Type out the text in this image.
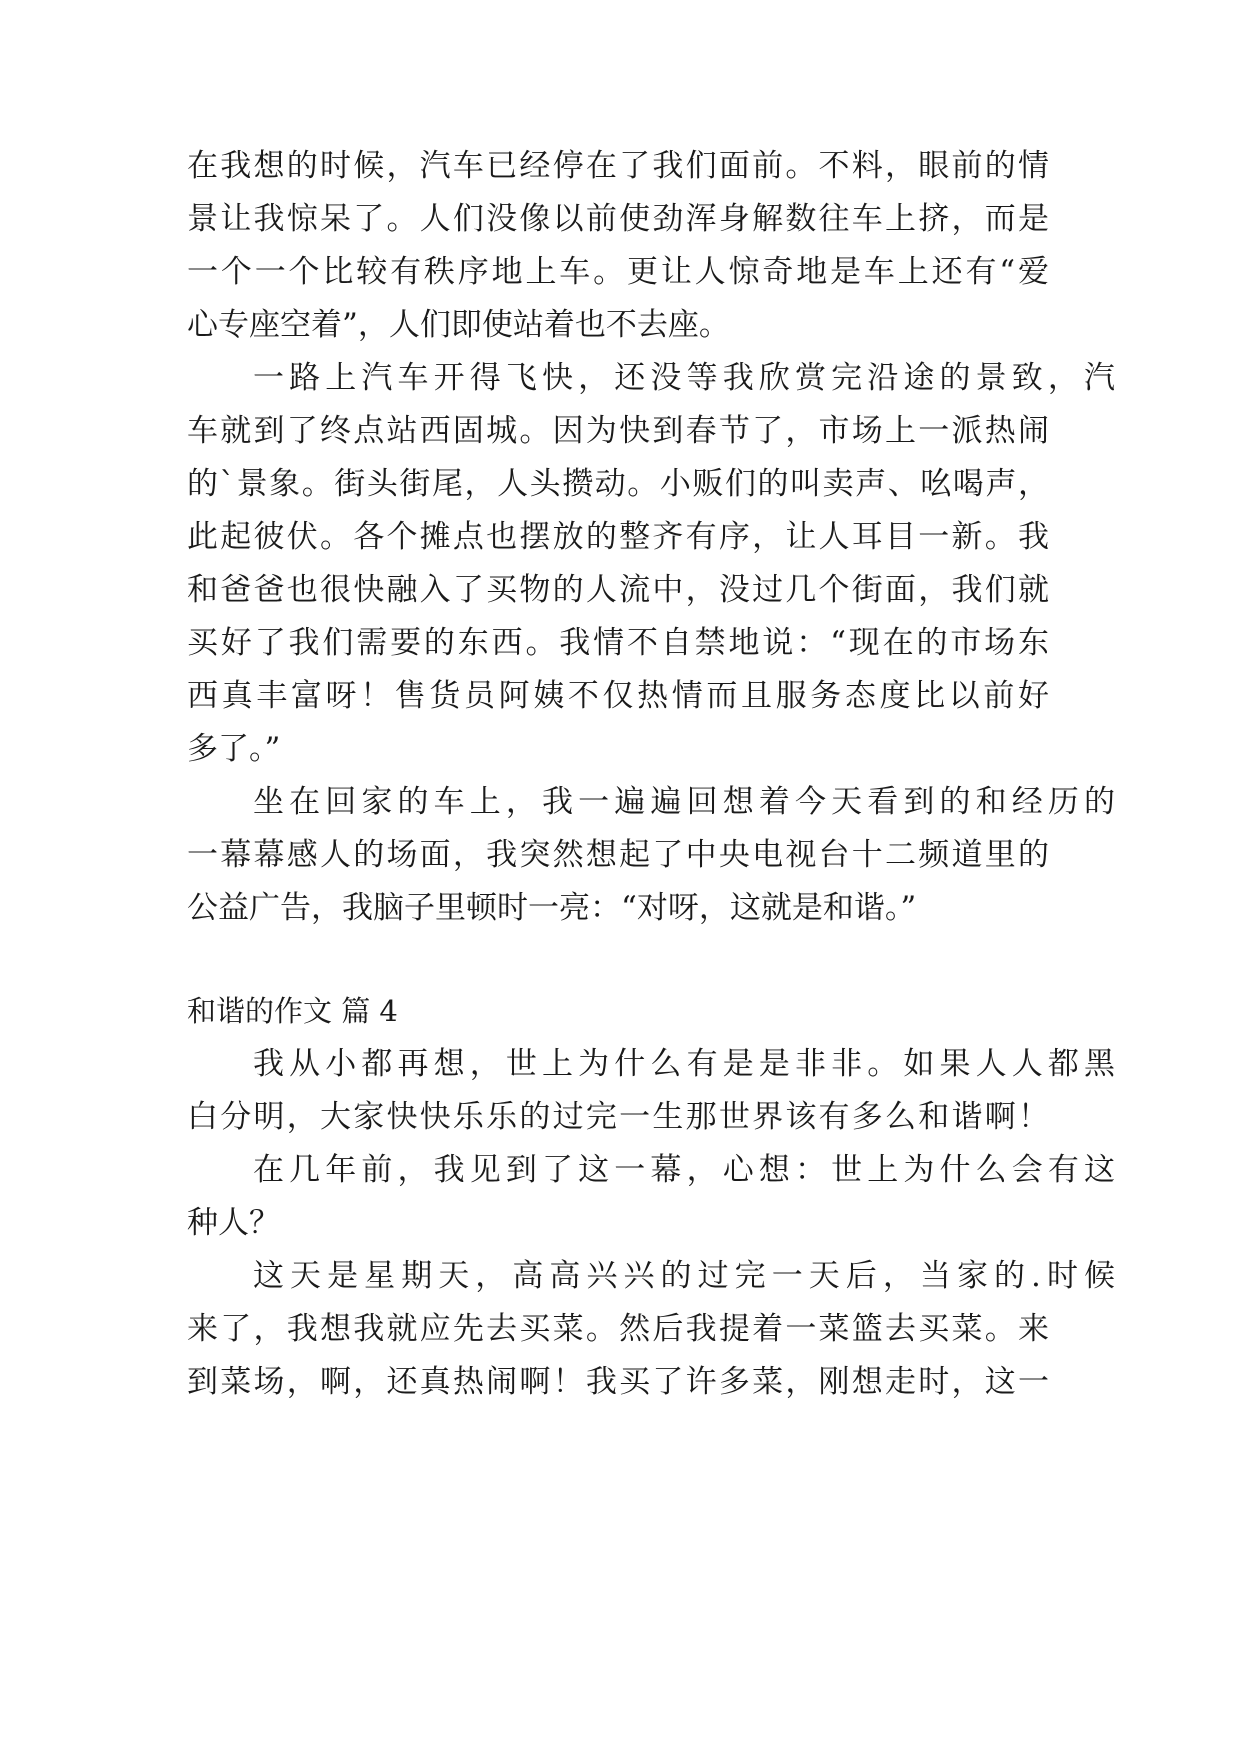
在我想的时候，汽车已经停在了我们面前。不料，眼前的情
景让我惊呆了。人们没像以前使劲浑身解数往车上挤，而是
一个一个比较有秩序地上车。更让人惊奇地是车上还有“爱
心专座空着”，人们即使站着也不去座。
一路上汽车开得飞快，还没等我欣赏完沿途的景致，汽
车就到了终点站西固城。因为快到春节了，市场上一派热闹
的`景象。街头街尾，人头攒动。小贩们的叫卖声、吆喝声，
此起彼伏。各个摊点也摆放的整齐有序，让人耳目一新。我
和爸爸也很快融入了买物的人流中，没过几个街面，我们就
买好了我们需要的东西。我情不自禁地说：“现在的市场东
西真丰富呀！售货员阿姨不仅热情而且服务态度比以前好
多了。”
坐在回家的车上，我一遍遍回想着今天看到的和经历的
一幕幕感人的场面，我突然想起了中央电视台十二频道里的
公益广告，我脑子里顿时一亮：“对呀，这就是和谐。”
和谐的作文 篇 4
我从小都再想，世上为什么有是是非非。如果人人都黑
白分明，大家快快乐乐的过完一生那世界该有多么和谐啊！
在几年前，我见到了这一幕，心想：世上为什么会有这
种人？
这天是星期天，高高兴兴的过完一天后，当家的.时候
来了，我想我就应先去买菜。然后我提着一菜篮去买菜。来
到菜场，啊，还真热闹啊！我买了许多菜，刚想走时，这一
